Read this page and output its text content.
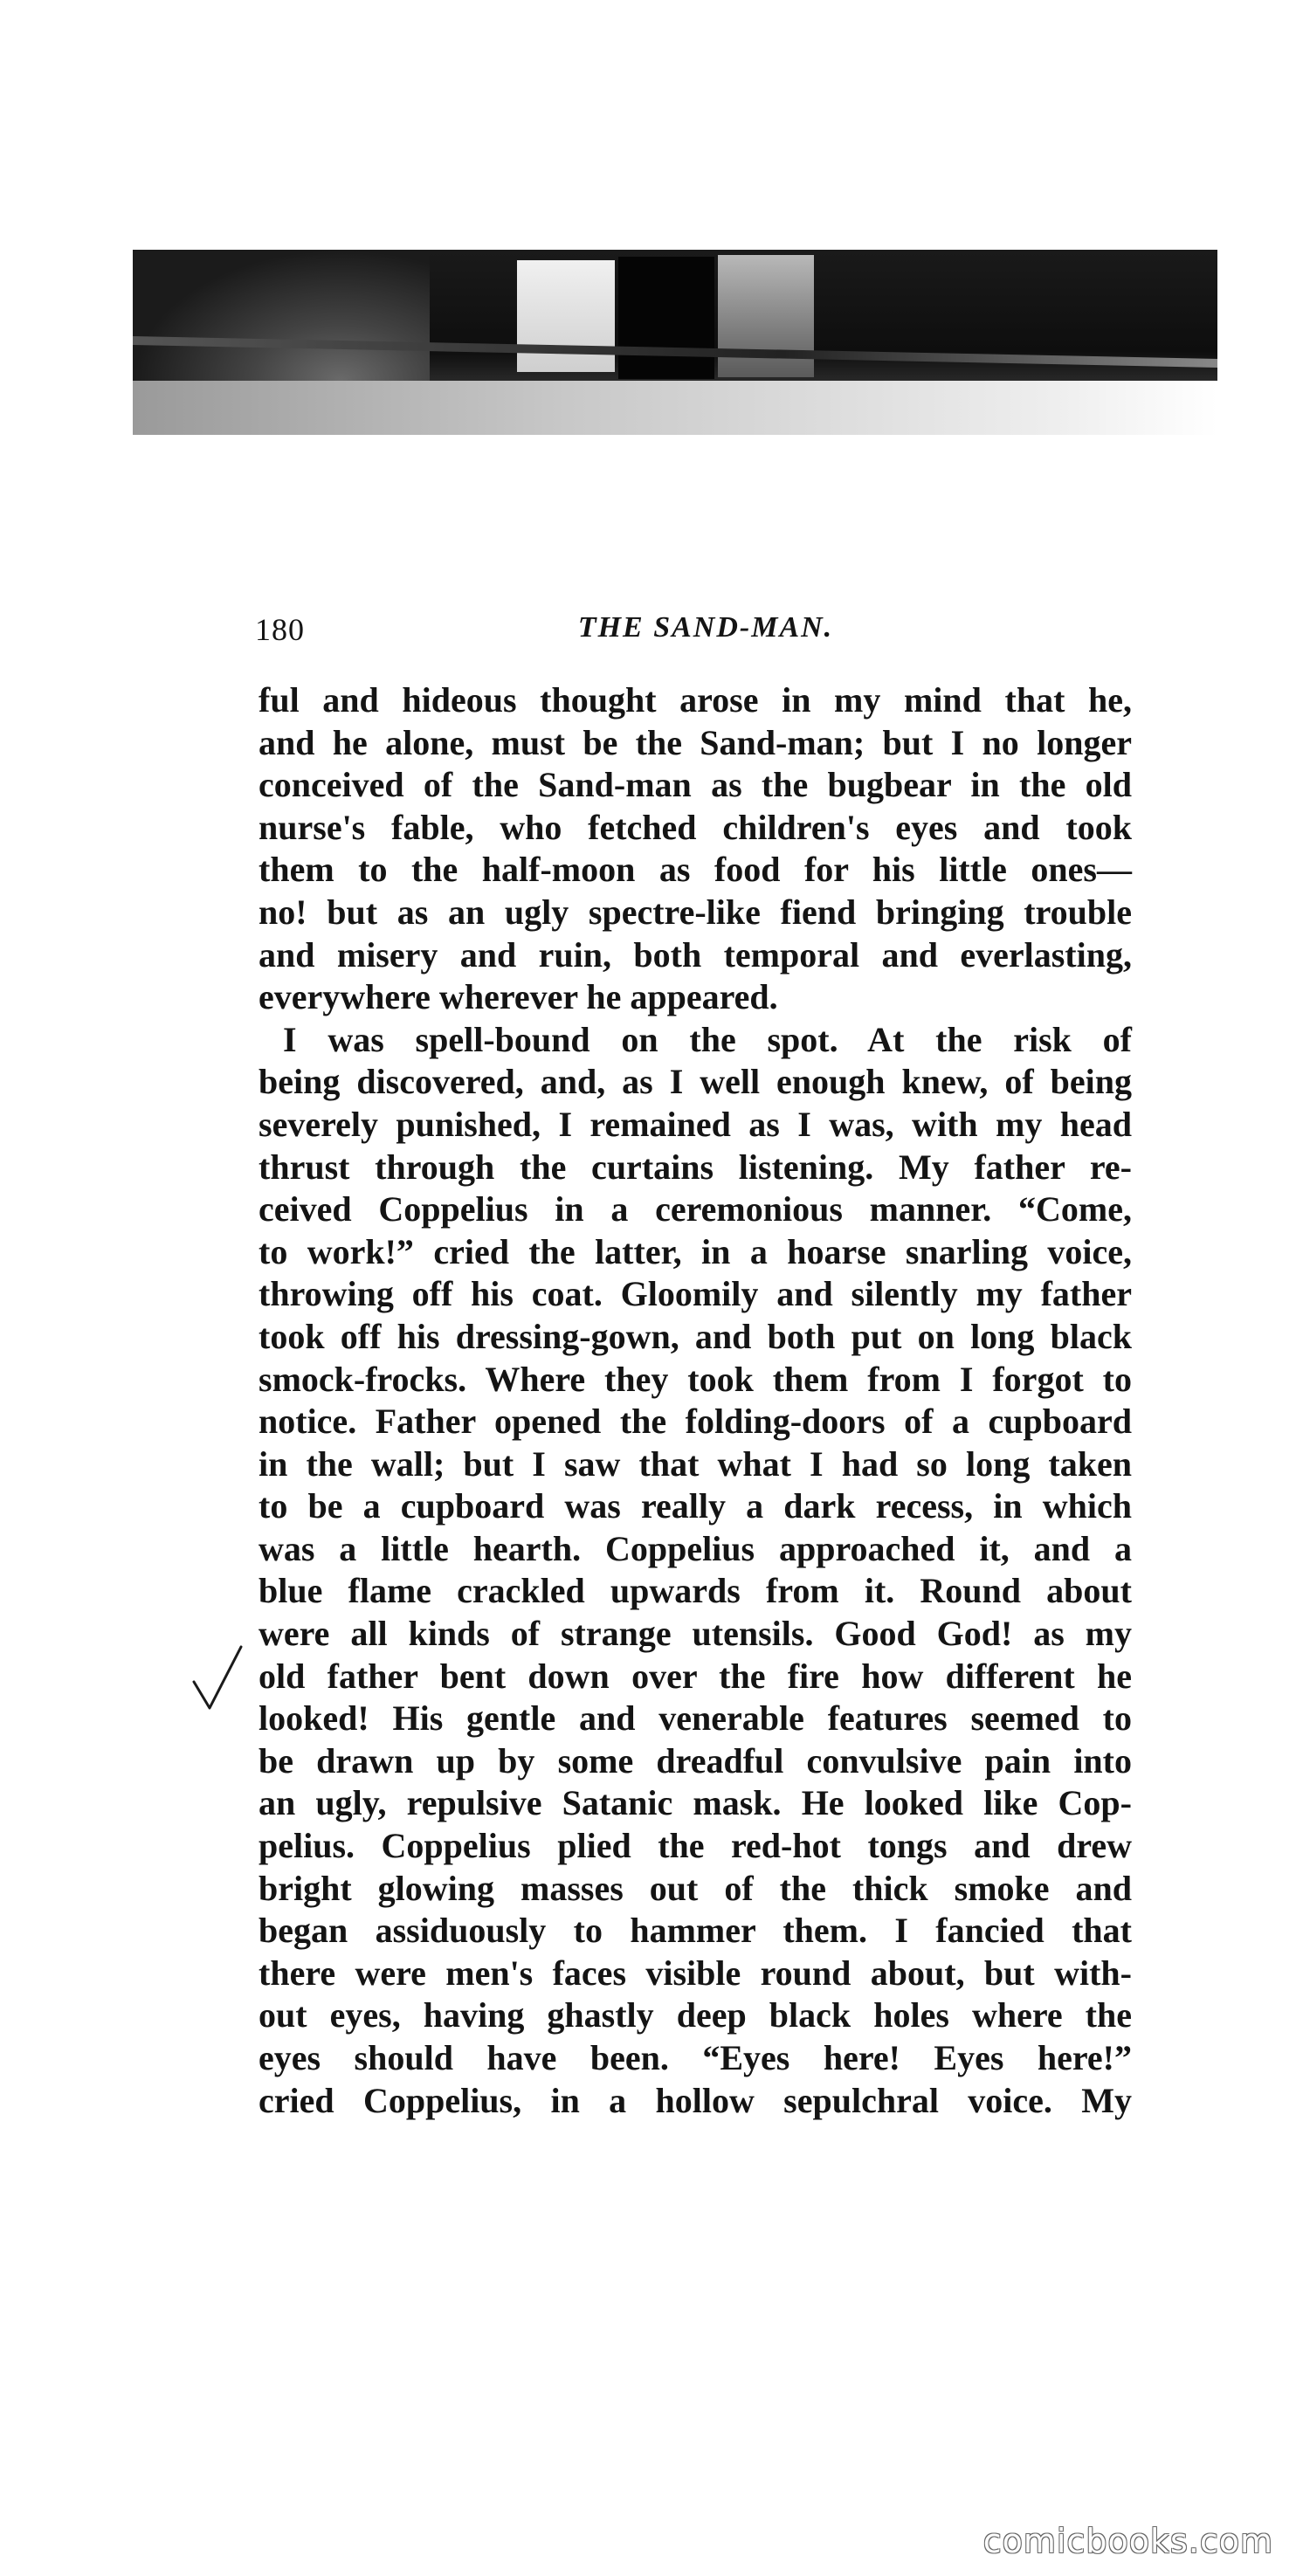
180	THE SAND-MAN.
ful and hideous thought arose in my mind that he,
and he alone, must be the Sand-man; but I no longer
conceived of the Sand-man as the bugbear in the old
nurse's fable, who fetched children's eyes and took
them to the half-moon as food for his little ones—
no! but as an ugly spectre-like fiend bringing trouble
and misery and ruin, both temporal and everlasting,
everywhere wherever he appeared.
I was spell-bound on the spot. At the risk of
being discovered, and, as I well enough knew, of being
severely punished, I remained as I was, with my head
thrust through the curtains listening. My father re-
ceived Coppelius in a ceremonious manner. “Come,
to work!” cried the latter, in a hoarse snarling voice,
throwing off his coat. Gloomily and silently my father
took off his dressing-gown, and both put on long black
smock-frocks. Where they took them from I forgot to
notice. Father opened the folding-doors of a cupboard
in the wall; but I saw that what I had so long taken
to be a cupboard was really a dark recess, in which
was a little hearth. Coppelius approached it, and a
blue flame crackled upwards from it. Round about
were all kinds of strange utensils. Good God! as my
old father bent down over the fire how different he
looked! His gentle and venerable features seemed to
be drawn up by some dreadful convulsive pain into
an ugly, repulsive Satanic mask. He looked like Cop-
pelius. Coppelius plied the red-hot tongs and drew
bright glowing masses out of the thick smoke and
began assiduously to hammer them. I fancied that
there were men's faces visible round about, but with-
out eyes, having ghastly deep black holes where the
eyes should have been. “Eyes here! Eyes here!”
cried Coppelius, in a hollow sepulchral voice. My
comicbooks.com
